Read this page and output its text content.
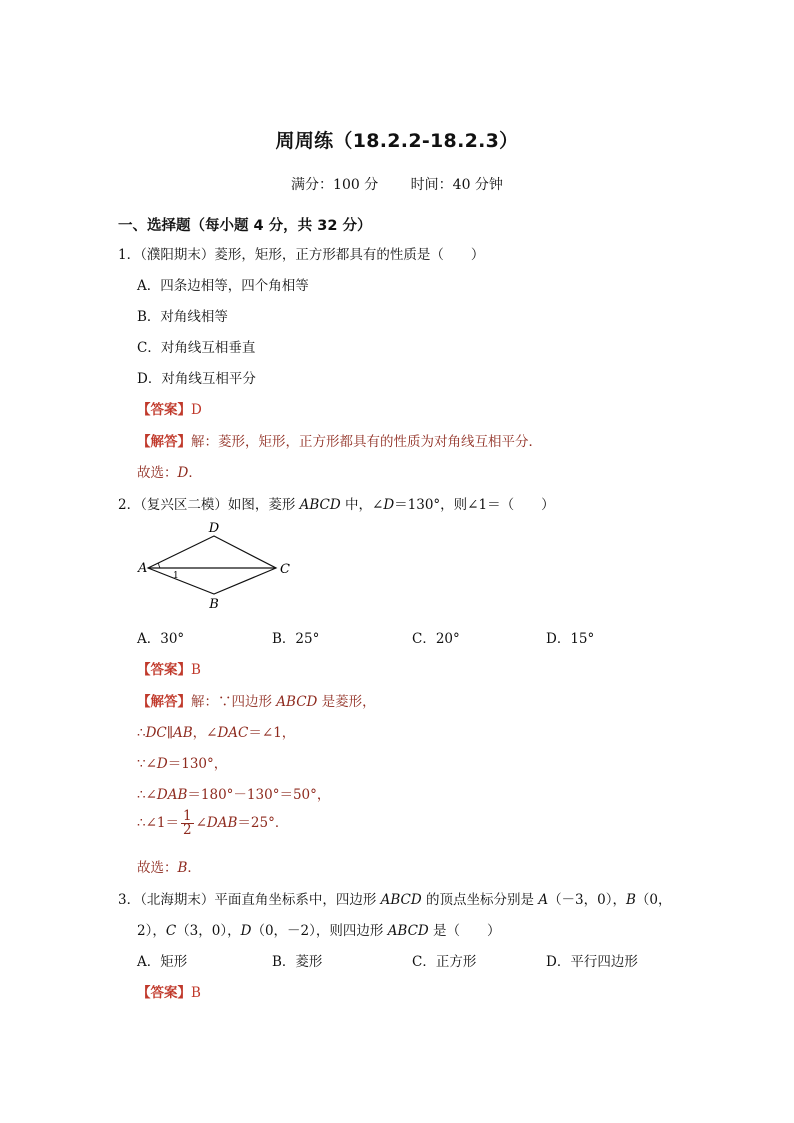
周周练（18.2.2-18.2.3）
满分：100 分 时间：40 分钟
一、选择题（每小题 4 分，共 32 分）
1．（濮阳期末）菱形，矩形，正方形都具有的性质是（　　）
A．四条边相等，四个角相等
B．对角线相等
C．对角线互相垂直
D．对角线互相平分
【答案】D
【解答】解：菱形，矩形，正方形都具有的性质为对角线互相平分．
故选：D．
2．（复兴区二模）如图，菱形 ABCD 中，∠D＝130°，则∠1＝（　　）
D
A	C
B
1
A．30°	B．25°	C．20°	D．15°
【答案】B
【解答】解：∵四边形 ABCD 是菱形，
∴DC∥AB，∠DAC＝∠1，
∵∠D＝130°，
∴∠DAB＝180°－130°＝50°，
∴∠1＝ $\frac{1}{2}$ ∠DAB＝25°．
故选：B．
3．（北海期末）平面直角坐标系中，四边形 ABCD 的顶点坐标分别是 A（－3，0），B（0，
2），C（3，0），D（0，－2），则四边形 ABCD 是（　　）
A．矩形	B．菱形	C．正方形	D．平行四边形
【答案】B
